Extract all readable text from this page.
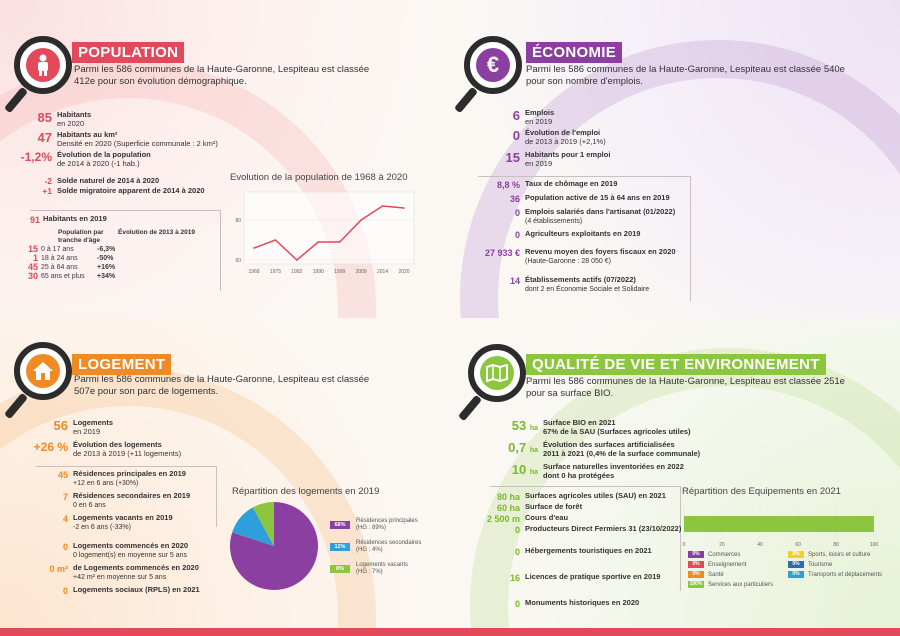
POPULATION
Parmi les 586 communes de la Haute-Garonne, Lespiteau est classée 412e pour son évolution démographique.
85 Habitants
en 2020
47 Habitants au km²
Densité en 2020 (Superficie communale : 2 km²)
-1,2% Évolution de la population
de 2014 à 2020 (-1 hab.)
-2 Solde naturel de 2014 à 2020
+1 Solde migratoire apparent de 2014 à 2020
91 Habitants en 2019
Population par tranche d'âge
Évolution de 2013 à 2019
15 0 à 17 ans	-6,3%
1 18 à 24 ans	-50%
45 25 à 64 ans	+16%
30 65 ans et plus	+34%
Evolution de la population de 1968 à 2020
60
80
1968 1975 1982 1990 1999 2009 2014 2020
€	ÉCONOMIE
Parmi les 586 communes de la Haute-Garonne, Lespiteau est classée 540e pour son nombre d'emplois.
6 Emplois
en 2019
0 Évolution de l'emploi
de 2013 à 2019 (+2,1%)
15 Habitants pour 1 emploi
en 2019
8,8 % Taux de chômage en 2019
36 Population active de 15 à 64 ans en 2019
0 Emplois salariés dans l'artisanat (01/2022)
(4 établissements)
0 Agriculteurs exploitants en 2019
27 933 € Revenu moyen des foyers fiscaux en 2020
(Haute-Garonne : 28 050 €)
14 Établissements actifs (07/2022)
dont 2 en Économie Sociale et Solidaire
LOGEMENT
Parmi les 586 communes de la Haute-Garonne, Lespiteau est classée 507e pour son parc de logements.
56 Logements
en 2019
+26 % Évolution des logements
de 2013 à 2019 (+11 logements)
45 Résidences principales en 2019
+12 en 6 ans (+30%)
7 Résidences secondaires en 2019
0 en 6 ans
4 Logements vacants en 2019
-2 en 6 ans (-33%)
0 Logements commencés en 2020
0 logement(s) en moyenne sur 5 ans
0 m² de Logements commencés en 2020
+42 m² en moyenne sur 5 ans
0 Logements sociaux (RPLS) en 2021
Répartition des logements en 2019
68%
Résidences principales
(HG : 89%)
12%
Résidences secondaires
(HG : 4%)
8%
Logements vacants
(HG : 7%)
QUALITÉ DE VIE ET ENVIRONNEMENT
Parmi les 586 communes de la Haute-Garonne, Lespiteau est classée 251e pour sa surface BIO.
53 ha
Surface BIO en 2021
67% de la SAU (Surfaces agricoles utiles)
0,7 ha
Évolution des surfaces artificialisées
2011 à 2021 (0,4% de la surface communale)
10 ha
Surface naturelles inventoriées en 2022
dont 0 ha protégées
80 ha Surfaces agricoles utiles (SAU) en 2021
60 ha Surface de forêt
2 500 m Cours d'eau
0 Producteurs Direct Fermiers 31 (23/10/2022)
0 Hébergements touristiques en 2021
16 Licences de pratique sportive en 2019
0 Monuments historiques en 2020
Répartition des Equipements en 2021
0	20	40	60	80	100
0%	Commerces	0%	Sports, loisirs et culture
0%	Enseignement	0%	Tourisme
0%	Santé	0%	Transports et déplacements
100% Services aux particuliers
